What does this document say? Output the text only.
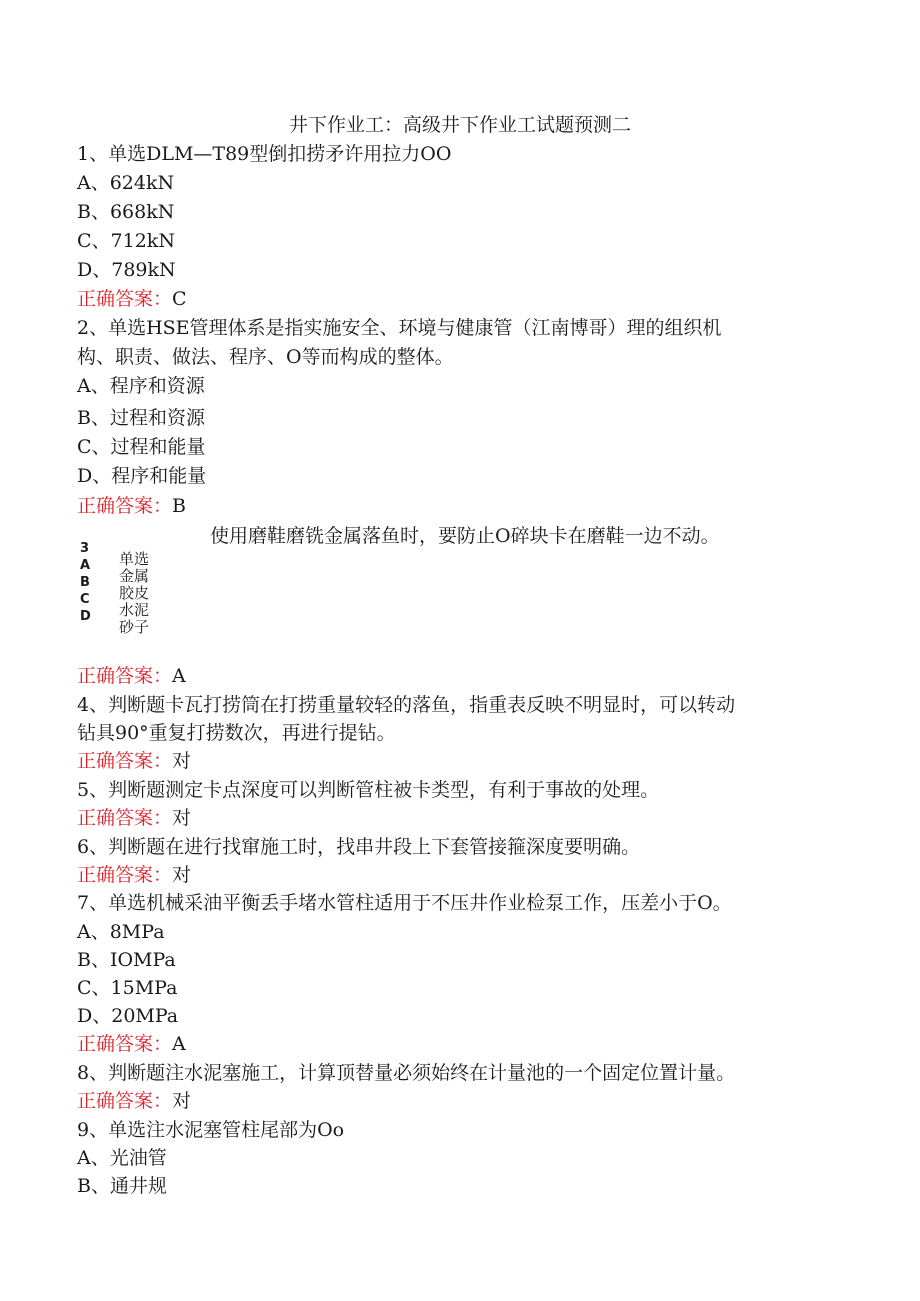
井下作业工：高级井下作业工试题预测二
1、单选DLM—T89型倒扣捞矛许用拉力OO
A、624kN
B、668kN
C、712kN
D、789kN
正确答案：C
2、单选HSE管理体系是指实施安全、环境与健康管（江南博哥）理的组织机
构、职责、做法、程序、O等而构成的整体。
A、程序和资源
B、过程和资源
C、过程和能量
D、程序和能量
正确答案：B
使用磨鞋磨铣金属落鱼时，要防止O碎块卡在磨鞋一边不动。
3
A
B
C
D
单选
金属
胶皮
水泥
砂子
正确答案：A
4、判断题卡瓦打捞筒在打捞重量较轻的落鱼，指重表反映不明显时，可以转动
钻具90°重复打捞数次，再进行提钻。
正确答案：对
5、判断题测定卡点深度可以判断管柱被卡类型，有利于事故的处理。
正确答案：对
6、判断题在进行找窜施工时，找串井段上下套管接箍深度要明确。
正确答案：对
7、单选机械采油平衡丢手堵水管柱适用于不压井作业检泵工作，压差小于O。
A、8MPa
B、IOMPa
C、15MPa
D、20MPa
正确答案：A
8、判断题注水泥塞施工，计算顶替量必须始终在计量池的一个固定位置计量。
正确答案：对
9、单选注水泥塞管柱尾部为Oo
A、光油管
B、通井规
